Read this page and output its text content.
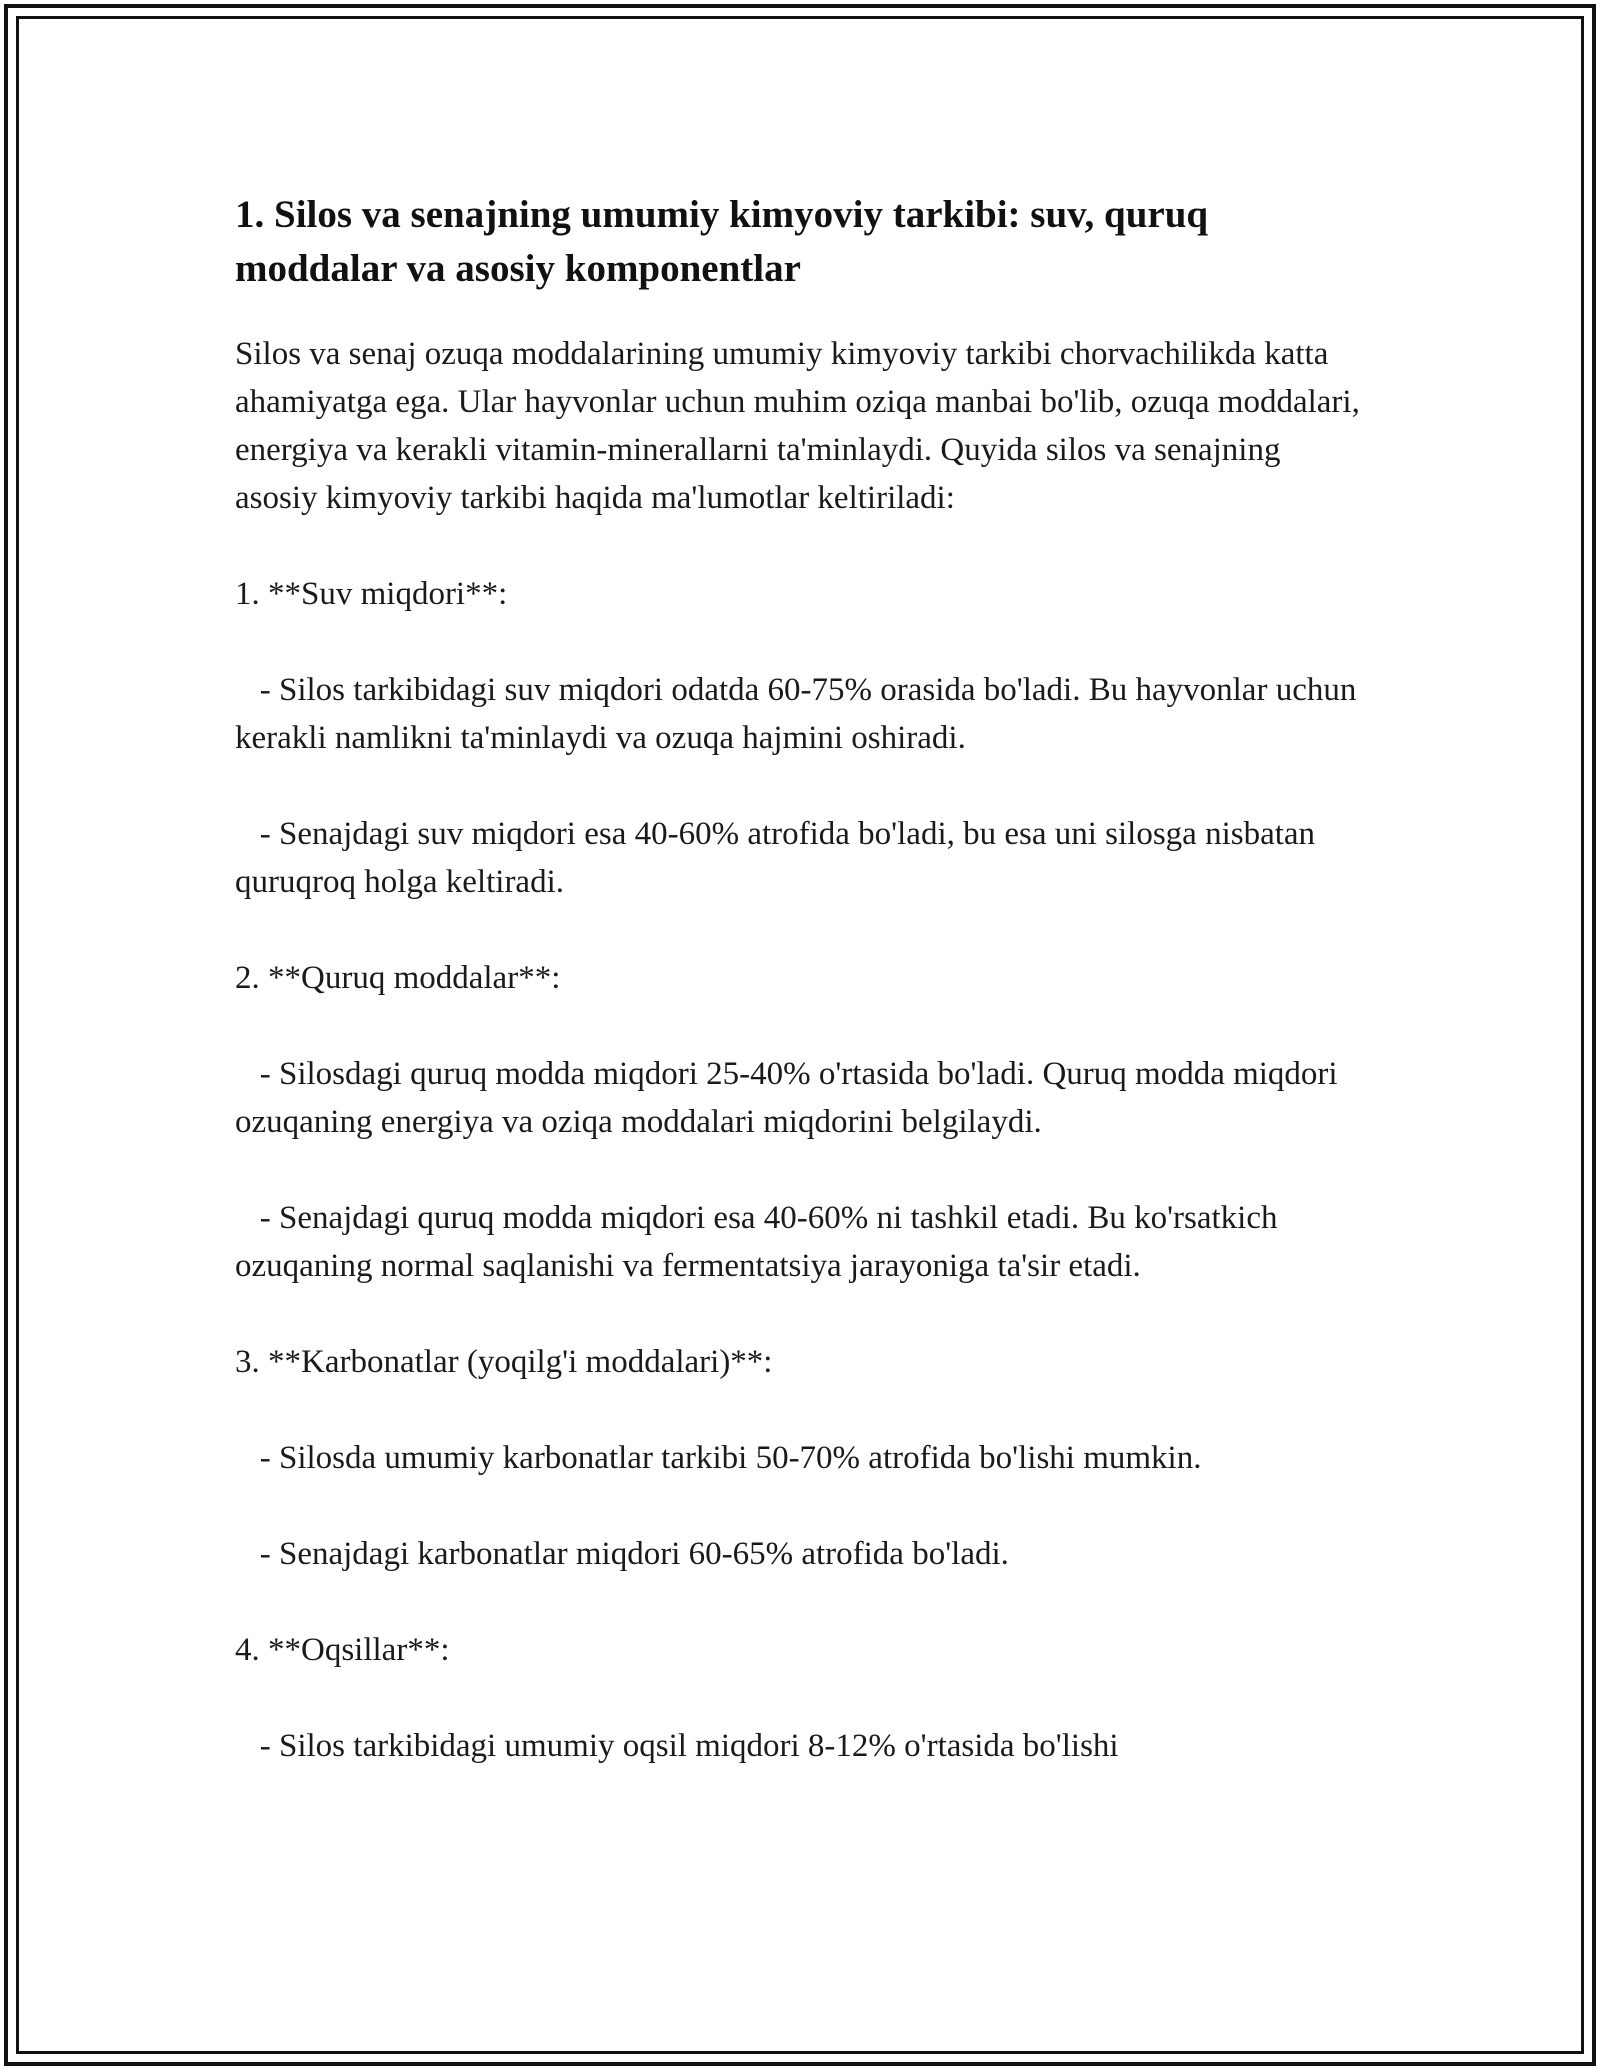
1. Silos va senajning umumiy kimyoviy tarkibi: suv, quruq moddalar va asosiy komponentlar

Silos va senaj ozuqa moddalarining umumiy kimyoviy tarkibi chorvachilikda katta ahamiyatga ega. Ular hayvonlar uchun muhim oziqa manbai bo'lib, ozuqa moddalari, energiya va kerakli vitamin-minerallarni ta'minlaydi. Quyida silos va senajning asosiy kimyoviy tarkibi haqida ma'lumotlar keltiriladi:

1. **Suv miqdori**:

- Silos tarkibidagi suv miqdori odatda 60-75% orasida bo'ladi. Bu hayvonlar uchun kerakli namlikni ta'minlaydi va ozuqa hajmini oshiradi.

- Senajdagi suv miqdori esa 40-60% atrofida bo'ladi, bu esa uni silosga nisbatan quruqroq holga keltiradi.

2. **Quruq moddalar**:

- Silosdagi quruq modda miqdori 25-40% o'rtasida bo'ladi. Quruq modda miqdori ozuqaning energiya va oziqa moddalari miqdorini belgilaydi.

- Senajdagi quruq modda miqdori esa 40-60% ni tashkil etadi. Bu ko'rsatkich ozuqaning normal saqlanishi va fermentatsiya jarayoniga ta'sir etadi.

3. **Karbonatlar (yoqilg'i moddalari)**:

- Silosda umumiy karbonatlar tarkibi 50-70% atrofida bo'lishi mumkin.

- Senajdagi karbonatlar miqdori 60-65% atrofida bo'ladi.

4. **Oqsillar**:

- Silos tarkibidagi umumiy oqsil miqdori 8-12% o'rtasida bo'lishi
